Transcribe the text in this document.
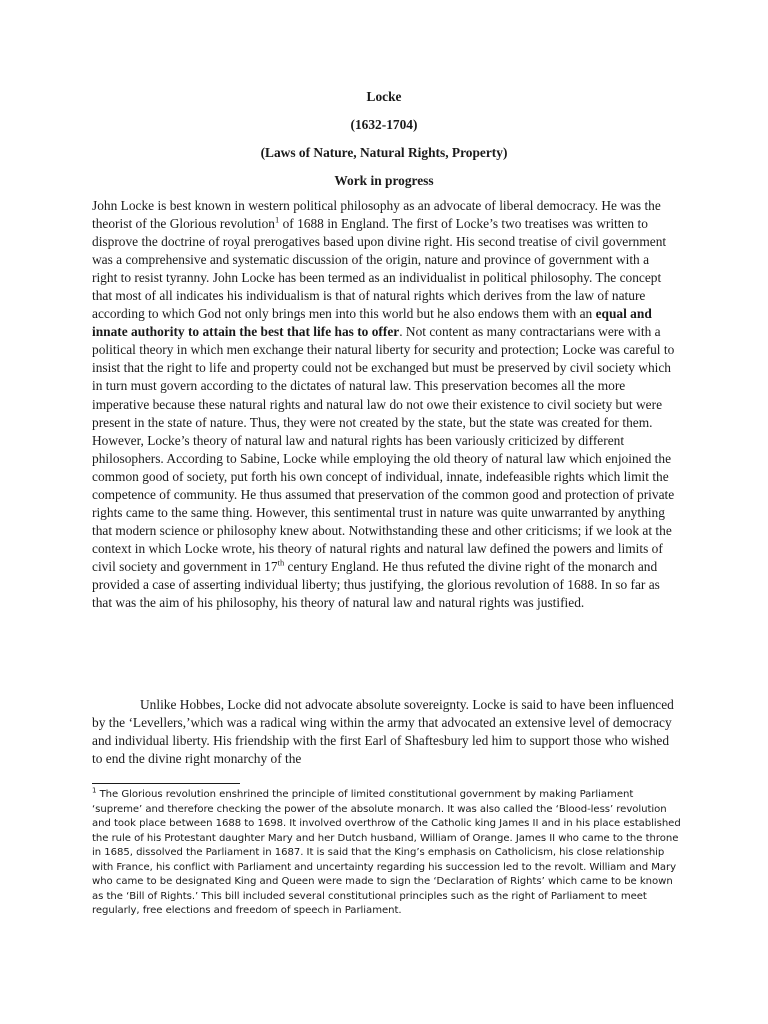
Locke
(1632-1704)
(Laws of Nature, Natural Rights, Property)
Work in progress

John Locke is best known in western political philosophy as an advocate of liberal democracy. He was the theorist of the Glorious revolution$^1$ of 1688 in England. The first of Locke’s two treatises was written to disprove the doctrine of royal prerogatives based upon divine right. His second treatise of civil government was a comprehensive and systematic discussion of the origin, nature and province of government with a right to resist tyranny. John Locke has been termed as an individualist in political philosophy. The concept that most of all indicates his individualism is that of natural rights which derives from the law of nature according to which God not only brings men into this world but he also endows them with an equal and innate authority to attain the best that life has to offer. Not content as many contractarians were with a political theory in which men exchange their natural liberty for security and protection; Locke was careful to insist that the right to life and property could not be exchanged but must be preserved by civil society which in turn must govern according to the dictates of natural law. This preservation becomes all the more imperative because these natural rights and natural law do not owe their existence to civil society but were present in the state of nature. Thus, they were not created by the state, but the state was created for them. However, Locke’s theory of natural law and natural rights has been variously criticized by different philosophers. According to Sabine, Locke while employing the old theory of natural law which enjoined the common good of society, put forth his own concept of individual, innate, indefeasible rights which limit the competence of community. He thus assumed that preservation of the common good and protection of private rights came to the same thing. However, this sentimental trust in nature was quite unwarranted by anything that modern science or philosophy knew about. Notwithstanding these and other criticisms; if we look at the context in which Locke wrote, his theory of natural rights and natural law defined the powers and limits of civil society and government in 17th century England. He thus refuted the divine right of the monarch and provided a case of asserting individual liberty; thus justifying, the glorious revolution of 1688. In so far as that was the aim of his philosophy, his theory of natural law and natural rights was justified.

Unlike Hobbes, Locke did not advocate absolute sovereignty. Locke is said to have been influenced by the ‘Levellers,’which was a radical wing within the army that advocated an extensive level of democracy and individual liberty. His friendship with the first Earl of Shaftesbury led him to support those who wished to end the divine right monarchy of the

$^1$ The Glorious revolution enshrined the principle of limited constitutional government by making Parliament ‘supreme’ and therefore checking the power of the absolute monarch. It was also called the ‘Blood-less’ revolution and took place between 1688 to 1698. It involved overthrow of the Catholic king James II and in his place established the rule of his Protestant daughter Mary and her Dutch husband, William of Orange. James II who came to the throne in 1685, dissolved the Parliament in 1687. It is said that the King’s emphasis on Catholicism, his close relationship with France, his conflict with Parliament and uncertainty regarding his succession led to the revolt. William and Mary who came to be designated King and Queen were made to sign the ‘Declaration of Rights’ which came to be known as the ‘Bill of Rights.’ This bill included several constitutional principles such as the right of Parliament to meet regularly, free elections and freedom of speech in Parliament.
